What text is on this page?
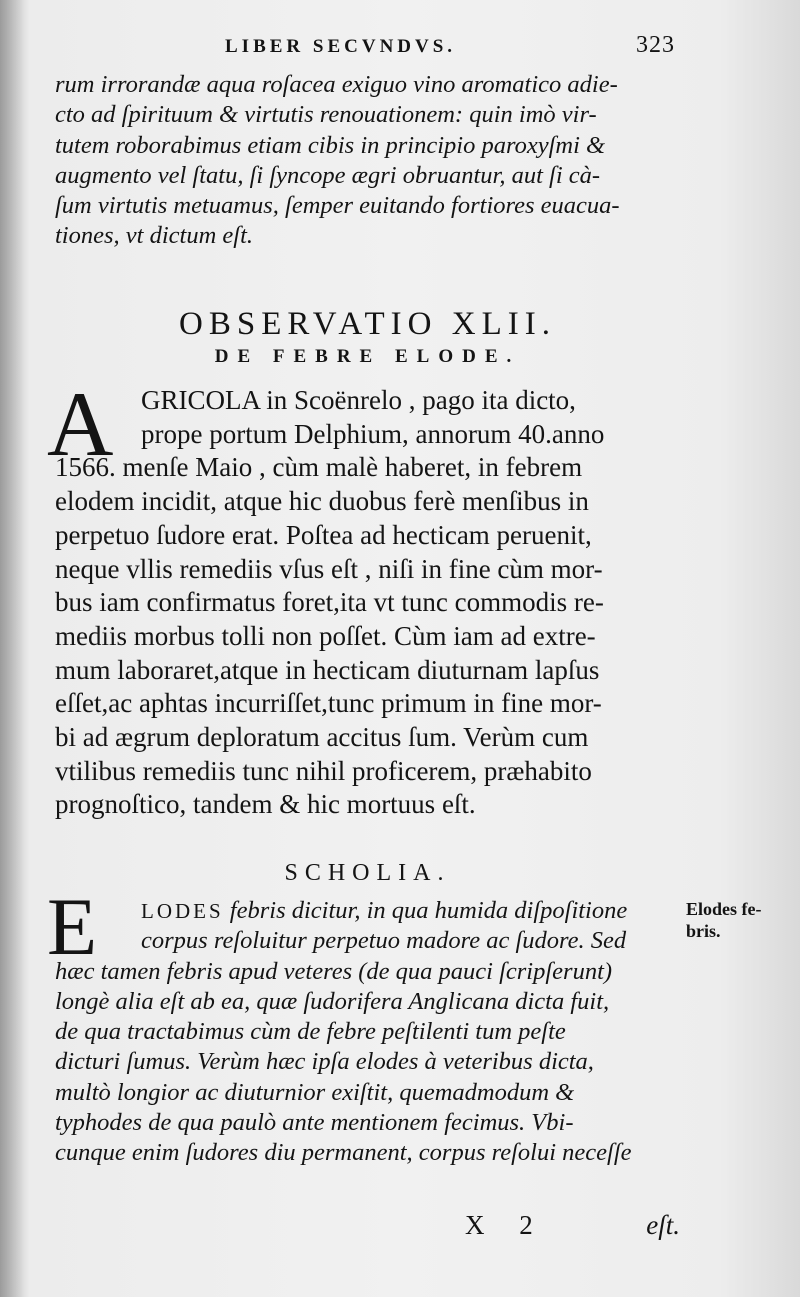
LIBER SECVNDVS.	323
rum irrorandæ aqua roſacea exiguo vino aromatico adie-
cto ad ſpirituum & virtutis renouationem: quin imò vir-
tutem roborabimus etiam cibis in principio paroxyſmi &
augmento vel ſtatu, ſi ſyncope ægri obruantur, aut ſi cà-
ſum virtutis metuamus, ſemper euitando fortiores euacua-
tiones, vt dictum eſt.
OBSERVATIO XLII.
DE FEBRE ELODE.
A	GRICOLA in Scoënrelo , pago ita dicto,
prope portum Delphium, annorum 40.anno
1566. menſe Maio , cùm malè haberet, in febrem
elodem incidit, atque hic duobus ferè menſibus in
perpetuo ſudore erat. Poſtea ad hecticam peruenit,
neque vllis remediis vſus eſt , niſi in fine cùm mor-
bus iam confirmatus foret,ita vt tunc commodis re-
mediis morbus tolli non poſſet. Cùm iam ad extre-
mum laboraret,atque in hecticam diuturnam lapſus
eſſet,ac aphtas incurriſſet,tunc primum in fine mor-
bi ad ægrum deploratum accitus ſum. Verùm cum
vtilibus remediis tunc nihil proficerem, præhabito
prognoſtico, tandem & hic mortuus eſt.
SCHOLIA.
E	LODES febris dicitur, in qua humida diſpoſitione
corpus reſoluitur perpetuo madore ac ſudore. Sed
hæc tamen febris apud veteres (de qua pauci ſcripſerunt)
longè alia eſt ab ea, quæ ſudorifera Anglicana dicta fuit,
de qua tractabimus cùm de febre peſtilenti tum peſte
dicturi ſumus. Verùm hæc ipſa elodes à veteribus dicta,
multò longior ac diuturnior exiſtit, quemadmodum &
typhodes de qua paulò ante mentionem fecimus. Vbi-
cunque enim ſudores diu permanent, corpus reſolui neceſſe
Elodes fe-
bris.
X 2	eſt.
